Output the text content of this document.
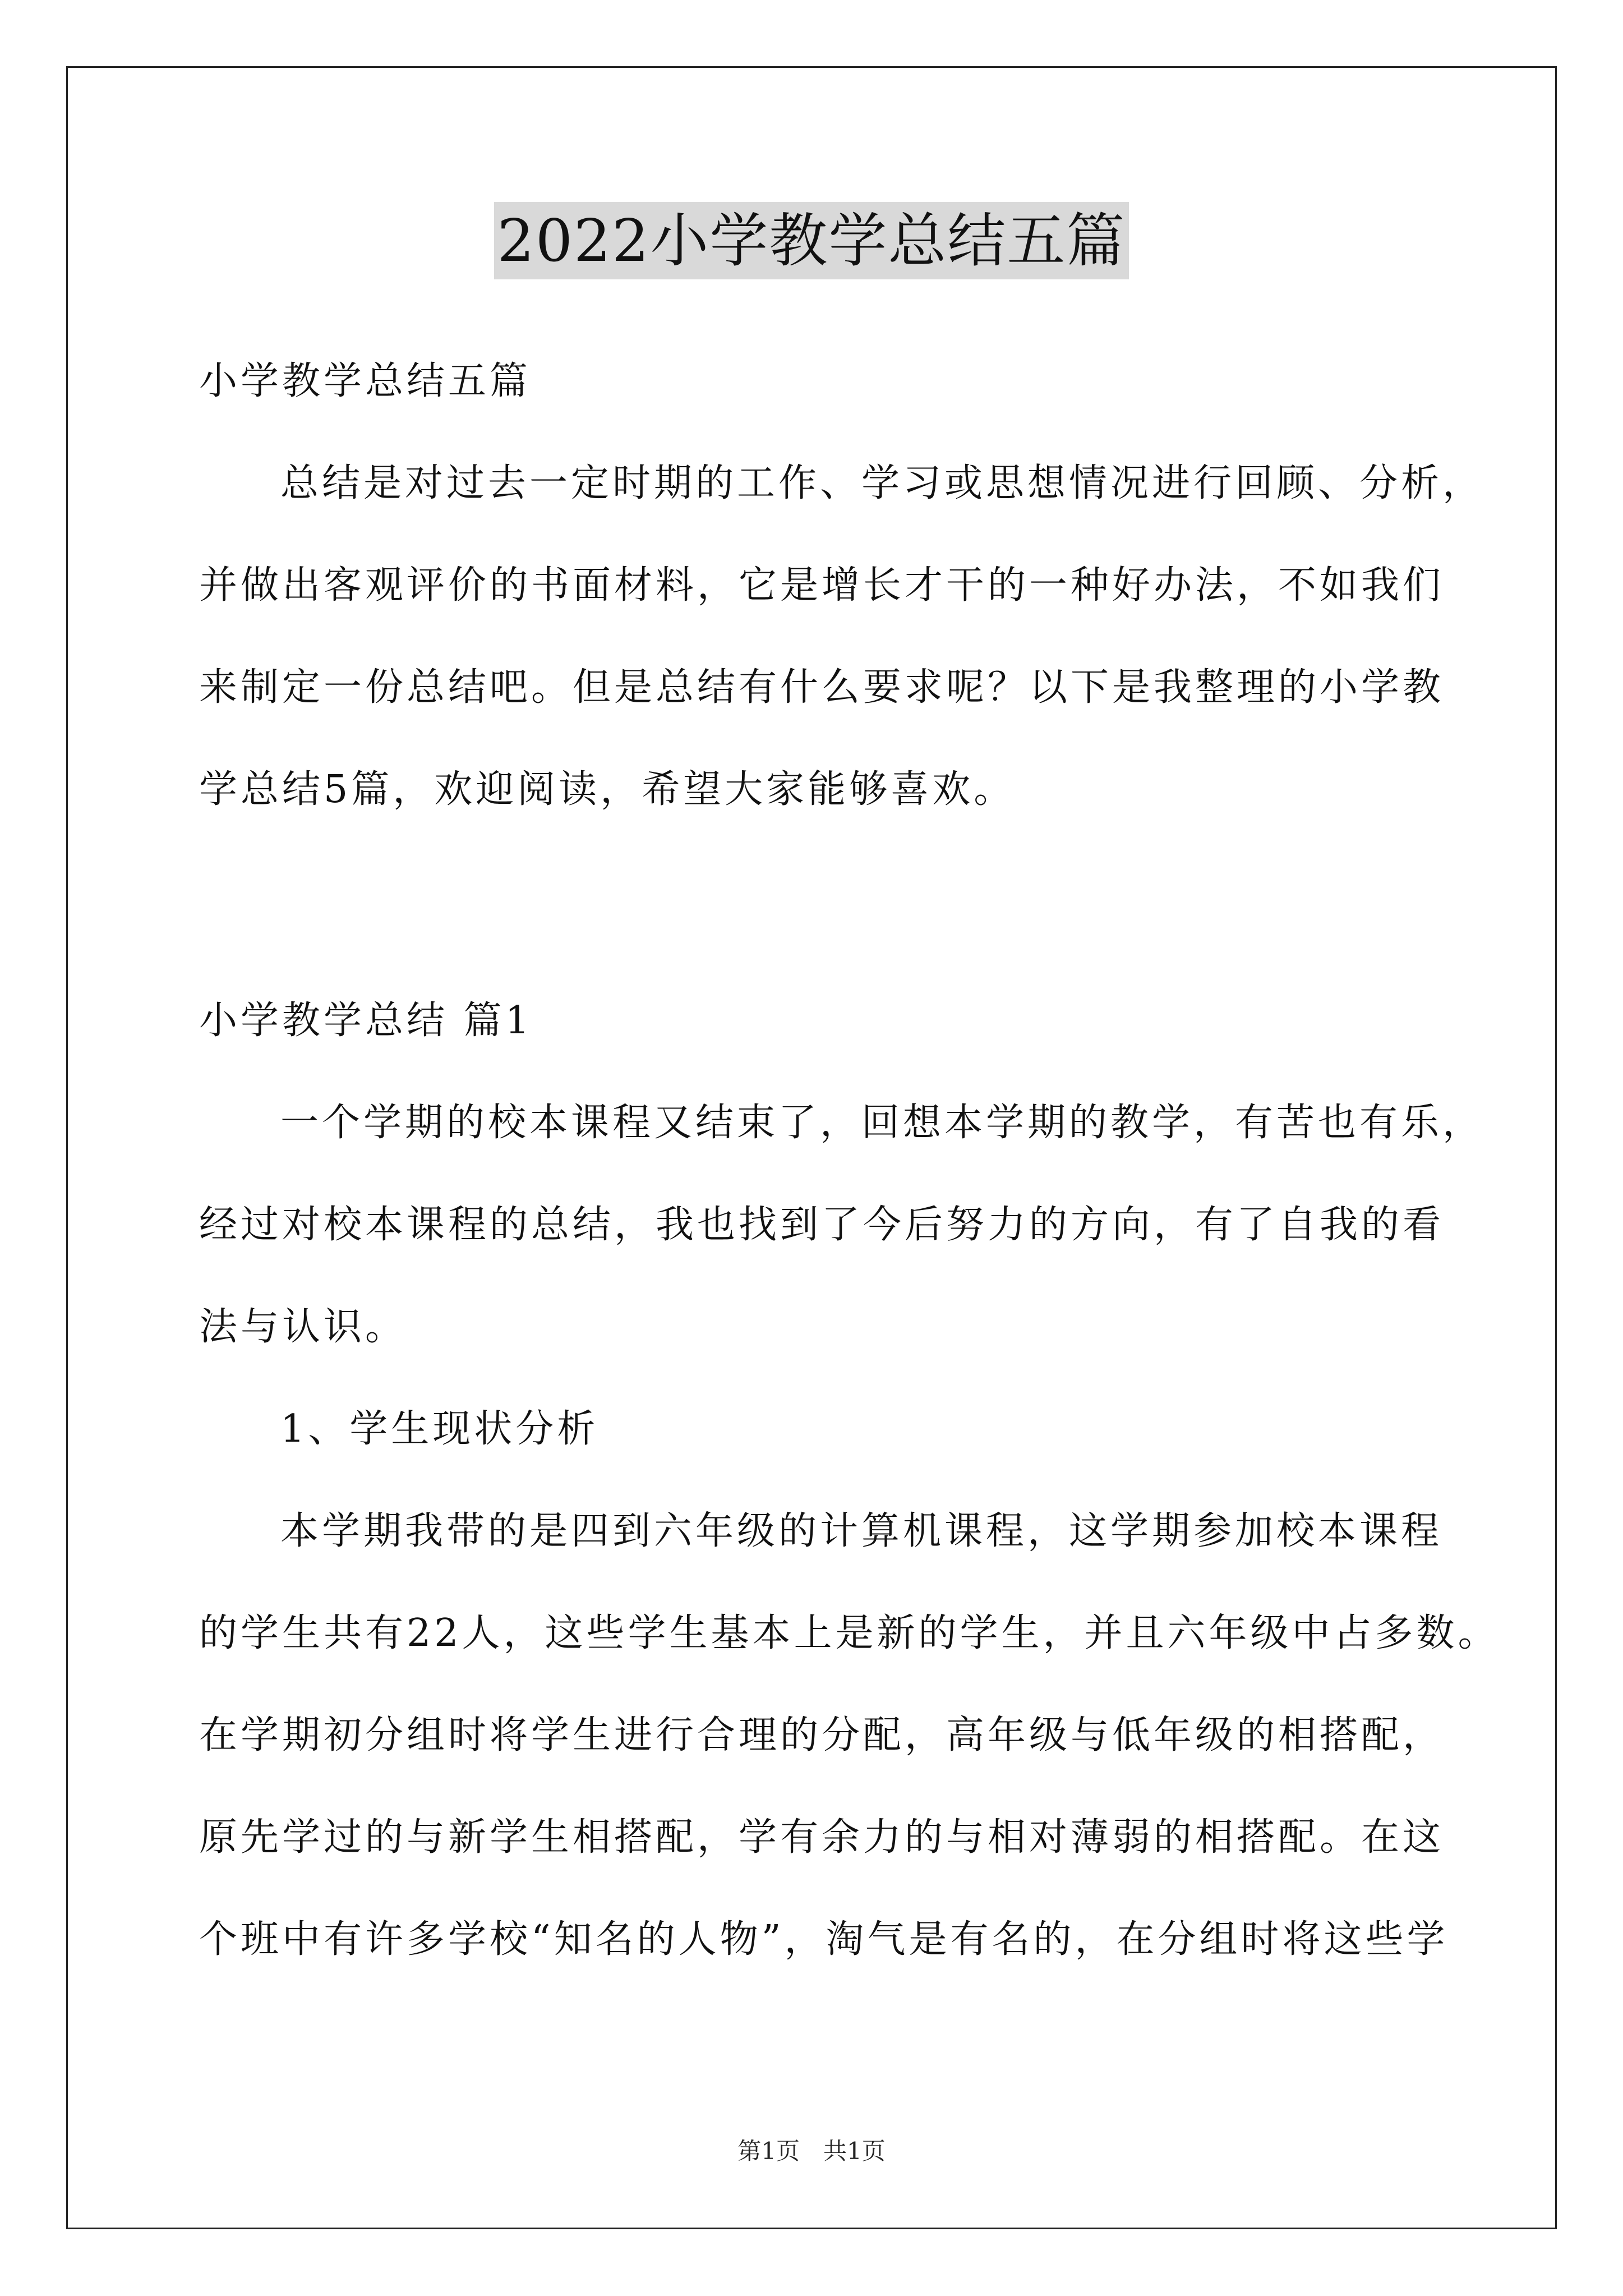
2022小学教学总结五篇
小学教学总结五篇
总结是对过去一定时期的工作、学习或思想情况进行回顾、分析，
并做出客观评价的书面材料，它是增长才干的一种好办法，不如我们
来制定一份总结吧。但是总结有什么要求呢？以下是我整理的小学教
学总结5篇，欢迎阅读，希望大家能够喜欢。
小学教学总结 篇1
一个学期的校本课程又结束了，回想本学期的教学，有苦也有乐，
经过对校本课程的总结，我也找到了今后努力的方向，有了自我的看
法与认识。
1、学生现状分析
本学期我带的是四到六年级的计算机课程，这学期参加校本课程
的学生共有22人，这些学生基本上是新的学生，并且六年级中占多数。
在学期初分组时将学生进行合理的分配，高年级与低年级的相搭配，
原先学过的与新学生相搭配，学有余力的与相对薄弱的相搭配。在这
个班中有许多学校“知名的人物”，淘气是有名的，在分组时将这些学
第1页　共1页
